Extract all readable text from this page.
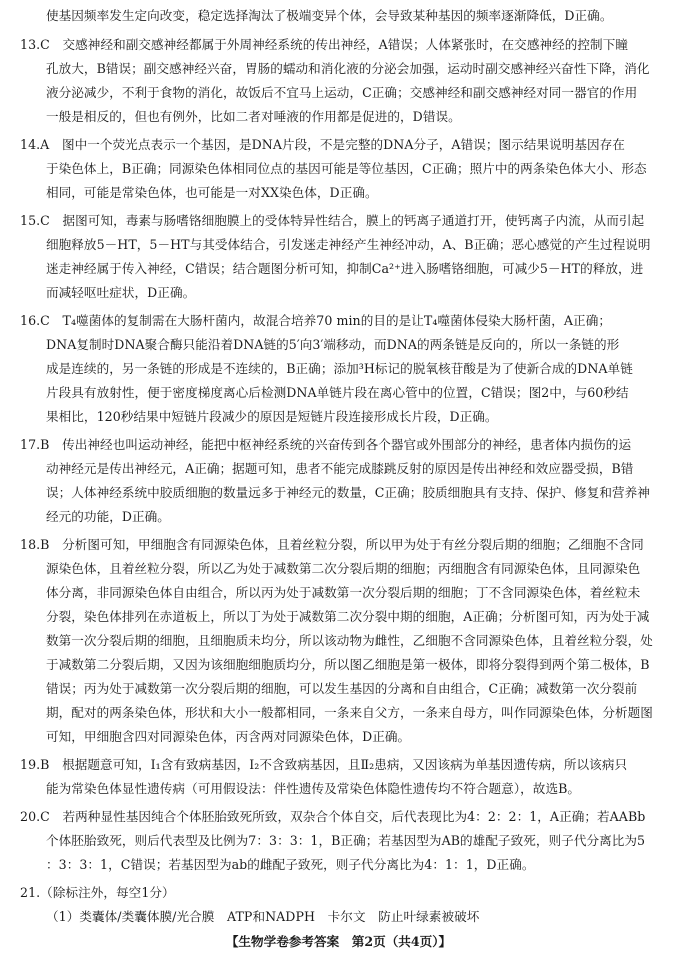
使基因频率发生定向改变，稳定选择淘汰了极端变异个体，会导致某种基因的频率逐渐降低，D正确。
13.C　交感神经和副交感神经都属于外周神经系统的传出神经，A错误；人体紧张时，在交感神经的控制下瞳
孔放大，B错误；副交感神经兴奋，胃肠的蠕动和消化液的分泌会加强，运动时副交感神经兴奋性下降，消化
液分泌减少，不利于食物的消化，故饭后不宜马上运动，C正确；交感神经和副交感神经对同一器官的作用
一般是相反的，但也有例外，比如二者对唾液的作用都是促进的，D错误。
14.A　图中一个荧光点表示一个基因，是DNA片段，不是完整的DNA分子，A错误；图示结果说明基因存在
于染色体上，B正确；同源染色体相同位点的基因可能是等位基因，C正确；照片中的两条染色体大小、形态
相同，可能是常染色体，也可能是一对XX染色体，D正确。
15.C　据图可知，毒素与肠嗜铬细胞膜上的受体特异性结合，膜上的钙离子通道打开，使钙离子内流，从而引起
细胞释放5－HT，5－HT与其受体结合，引发迷走神经产生神经冲动，A、B正确；恶心感觉的产生过程说明
迷走神经属于传入神经，C错误；结合题图分析可知，抑制Ca²⁺进入肠嗜铬细胞，可减少5－HT的释放，进
而减轻呕吐症状，D正确。
16.C　T₄噬菌体的复制需在大肠杆菌内，故混合培养70 min的目的是让T₄噬菌体侵染大肠杆菌，A正确；
DNA复制时DNA聚合酶只能沿着DNA链的5′向3′端移动，而DNA的两条链是反向的，所以一条链的形
成是连续的，另一条链的形成是不连续的，B正确；添加³H标记的脱氧核苷酸是为了使新合成的DNA单链
片段具有放射性，便于密度梯度离心后检测DNA单链片段在离心管中的位置，C错误；图2中，与60秒结
果相比，120秒结果中短链片段减少的原因是短链片段连接形成长片段，D正确。
17.B　传出神经也叫运动神经，能把中枢神经系统的兴奋传到各个器官或外围部分的神经，患者体内损伤的运
动神经元是传出神经元，A正确；据题可知，患者不能完成膝跳反射的原因是传出神经和效应器受损，B错
误；人体神经系统中胶质细胞的数量远多于神经元的数量，C正确；胶质细胞具有支持、保护、修复和营养神
经元的功能，D正确。
18.B　分析图可知，甲细胞含有同源染色体，且着丝粒分裂，所以甲为处于有丝分裂后期的细胞；乙细胞不含同
源染色体，且着丝粒分裂，所以乙为处于减数第二次分裂后期的细胞；丙细胞含有同源染色体，且同源染色
体分离，非同源染色体自由组合，所以丙为处于减数第一次分裂后期的细胞；丁不含同源染色体，着丝粒未
分裂，染色体排列在赤道板上，所以丁为处于减数第二次分裂中期的细胞，A正确；分析图可知，丙为处于减
数第一次分裂后期的细胞，且细胞质未均分，所以该动物为雌性，乙细胞不含同源染色体，且着丝粒分裂，处
于减数第二分裂后期，又因为该细胞细胞质均分，所以图乙细胞是第一极体，即将分裂得到两个第二极体，B
错误；丙为处于减数第一次分裂后期的细胞，可以发生基因的分离和自由组合，C正确；减数第一次分裂前
期，配对的两条染色体，形状和大小一般都相同，一条来自父方，一条来自母方，叫作同源染色体，分析题图
可知，甲细胞含四对同源染色体，丙含两对同源染色体，D正确。
19.B　根据题意可知，Ⅰ₁含有致病基因，Ⅰ₂不含致病基因，且Ⅱ₂患病，又因该病为单基因遗传病，所以该病只
能为常染色体显性遗传病（可用假设法：伴性遗传及常染色体隐性遗传均不符合题意），故选B。
20.C　若两种显性基因纯合个体胚胎致死所致，双杂合个体自交，后代表现比为4：2：2：1，A正确；若AABb
个体胚胎致死，则后代表型及比例为7：3：3：1，B正确；若基因型为AB的雄配子致死，则子代分离比为5
：3：3：1，C错误；若基因型为ab的雌配子致死，则子代分离比为4：1：1，D正确。
21.（除标注外，每空1分）
（1）类囊体/类囊体膜/光合膜　ATP和NADPH　卡尔文　防止叶绿素被破坏
【生物学卷参考答案　第2页（共4页）】
